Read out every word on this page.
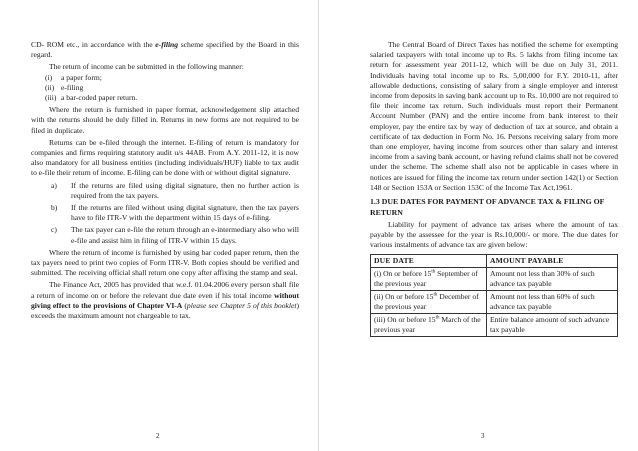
CD- ROM etc., in accordance with the e-filing scheme specified by the Board in this regard.

The return of income can be submitted in the following manner:

(i) a paper form;
(ii) e-filing
(iii) a bar-coded paper return.

Where the return is furnished in paper format, acknowledgement slip attached with the returns should be duly filled in. Returns in new forms are not required to be filed in duplicate.

Returns can be e-filed through the internet. E-filing of return is mandatory for companies and firms requiring statutory audit u/s 44AB. From A.Y. 2011-12, it is now also mandatory for all business entities (including individuals/HUF) liable to tax audit to e-file their return of income. E-filing can be done with or without digital signature.

a) If the returns are filed using digital signature, then no further action is required from the tax payers.
b) If the returns are filed without using digital signature, then the tax payers have to file ITR-V with the department within 15 days of e-filing.
c) The tax payer can e-file the return through an e-intermediary also who will e-file and assist him in filing of ITR-V within 15 days.

Where the return of income is furnished by using bar coded paper return, then the tax payers need to print two copies of Form ITR-V. Both copies should be verified and submitted. The receiving official shall return one copy after affixing the stamp and seal.

The Finance Act, 2005 has provided that w.e.f. 01.04.2006 every person shall file a return of income on or before the relevant due date even if his total income without giving effect to the provisions of Chapter VI-A (please see Chapter 5 of this booklet) exceeds the maximum amount not chargeable to tax.

2

The Central Board of Direct Taxes has notified the scheme for exempting salaried taxpayers with total income up to Rs. 5 lakhs from filing income tax return for assessment year 2011-12, which will be due on July 31, 2011. Individuals having total income up to Rs. 5,00,000 for F.Y. 2010-11, after allowable deductions, consisting of salary from a single employer and interest income from deposits in saving bank account up to Rs. 10,000 are not required to file their income tax return. Such individuals must report their Permanent Account Number (PAN) and the entire income from bank interest to their employer, pay the entire tax by way of deduction of tax at source, and obtain a certificate of tax deduction in Form No. 16. Persons receiving salary from more than one employer, having income from sources other than salary and interest income from a saving bank account, or having refund claims shall not be covered under the scheme. The scheme shall also not be applicable in cases where in notices are issued for filing the income tax return under section 142(1) or Section 148 or Section 153A or Section 153C of the Income Tax Act,1961.

1.3 DUE DATES FOR PAYMENT OF ADVANCE TAX & FILING OF RETURN

Liability for payment of advance tax arises where the amount of tax payable by the assessee for the year is Rs.10,000/- or more. The due dates for various instalments of advance tax are given below:

DUE DATE	AMOUNT PAYABLE
(i) On or before 15th September of the previous year	Amount not less than 30% of such advance tax payable
(ii) On or before 15th December of the previous year	Amount not less than 60% of such advance tax payable
(iii) On or before 15th March of the previous year	Entire balance amount of such advance tax payable
3
